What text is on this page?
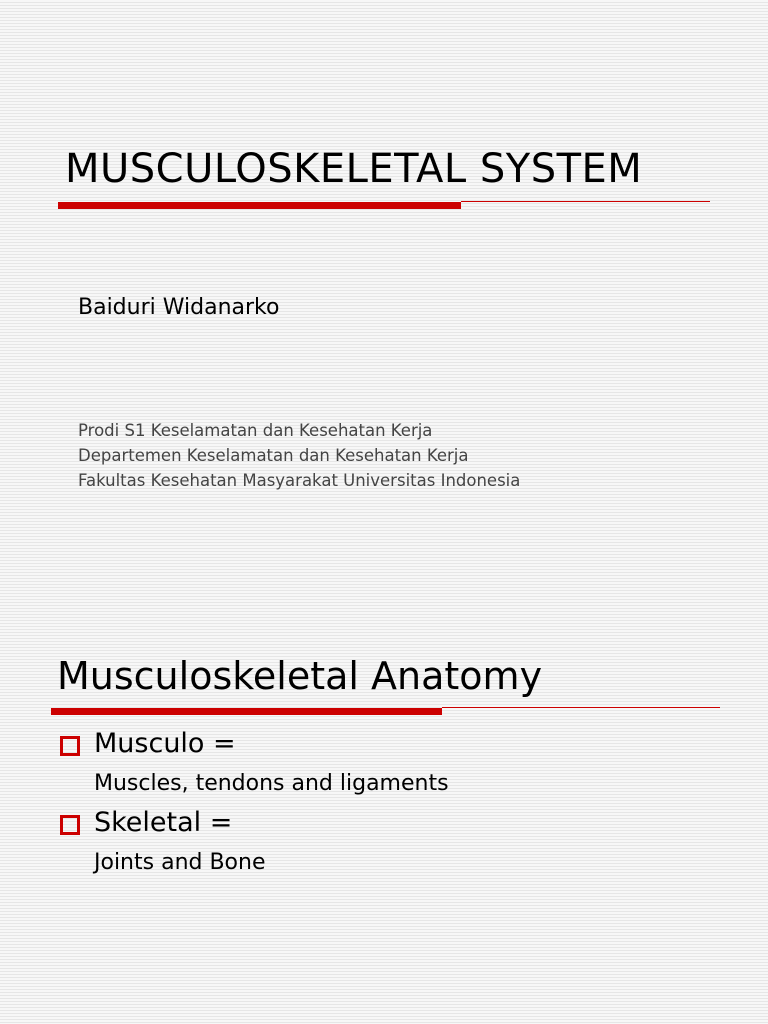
MUSCULOSKELETAL SYSTEM

Baiduri Widanarko

Prodi S1 Keselamatan dan Kesehatan Kerja
Departemen Keselamatan dan Kesehatan Kerja
Fakultas Kesehatan Masyarakat Universitas Indonesia
Musculoskeletal Anatomy
Musculo =
Muscles, tendons and ligaments
Skeletal =
Joints and Bone
